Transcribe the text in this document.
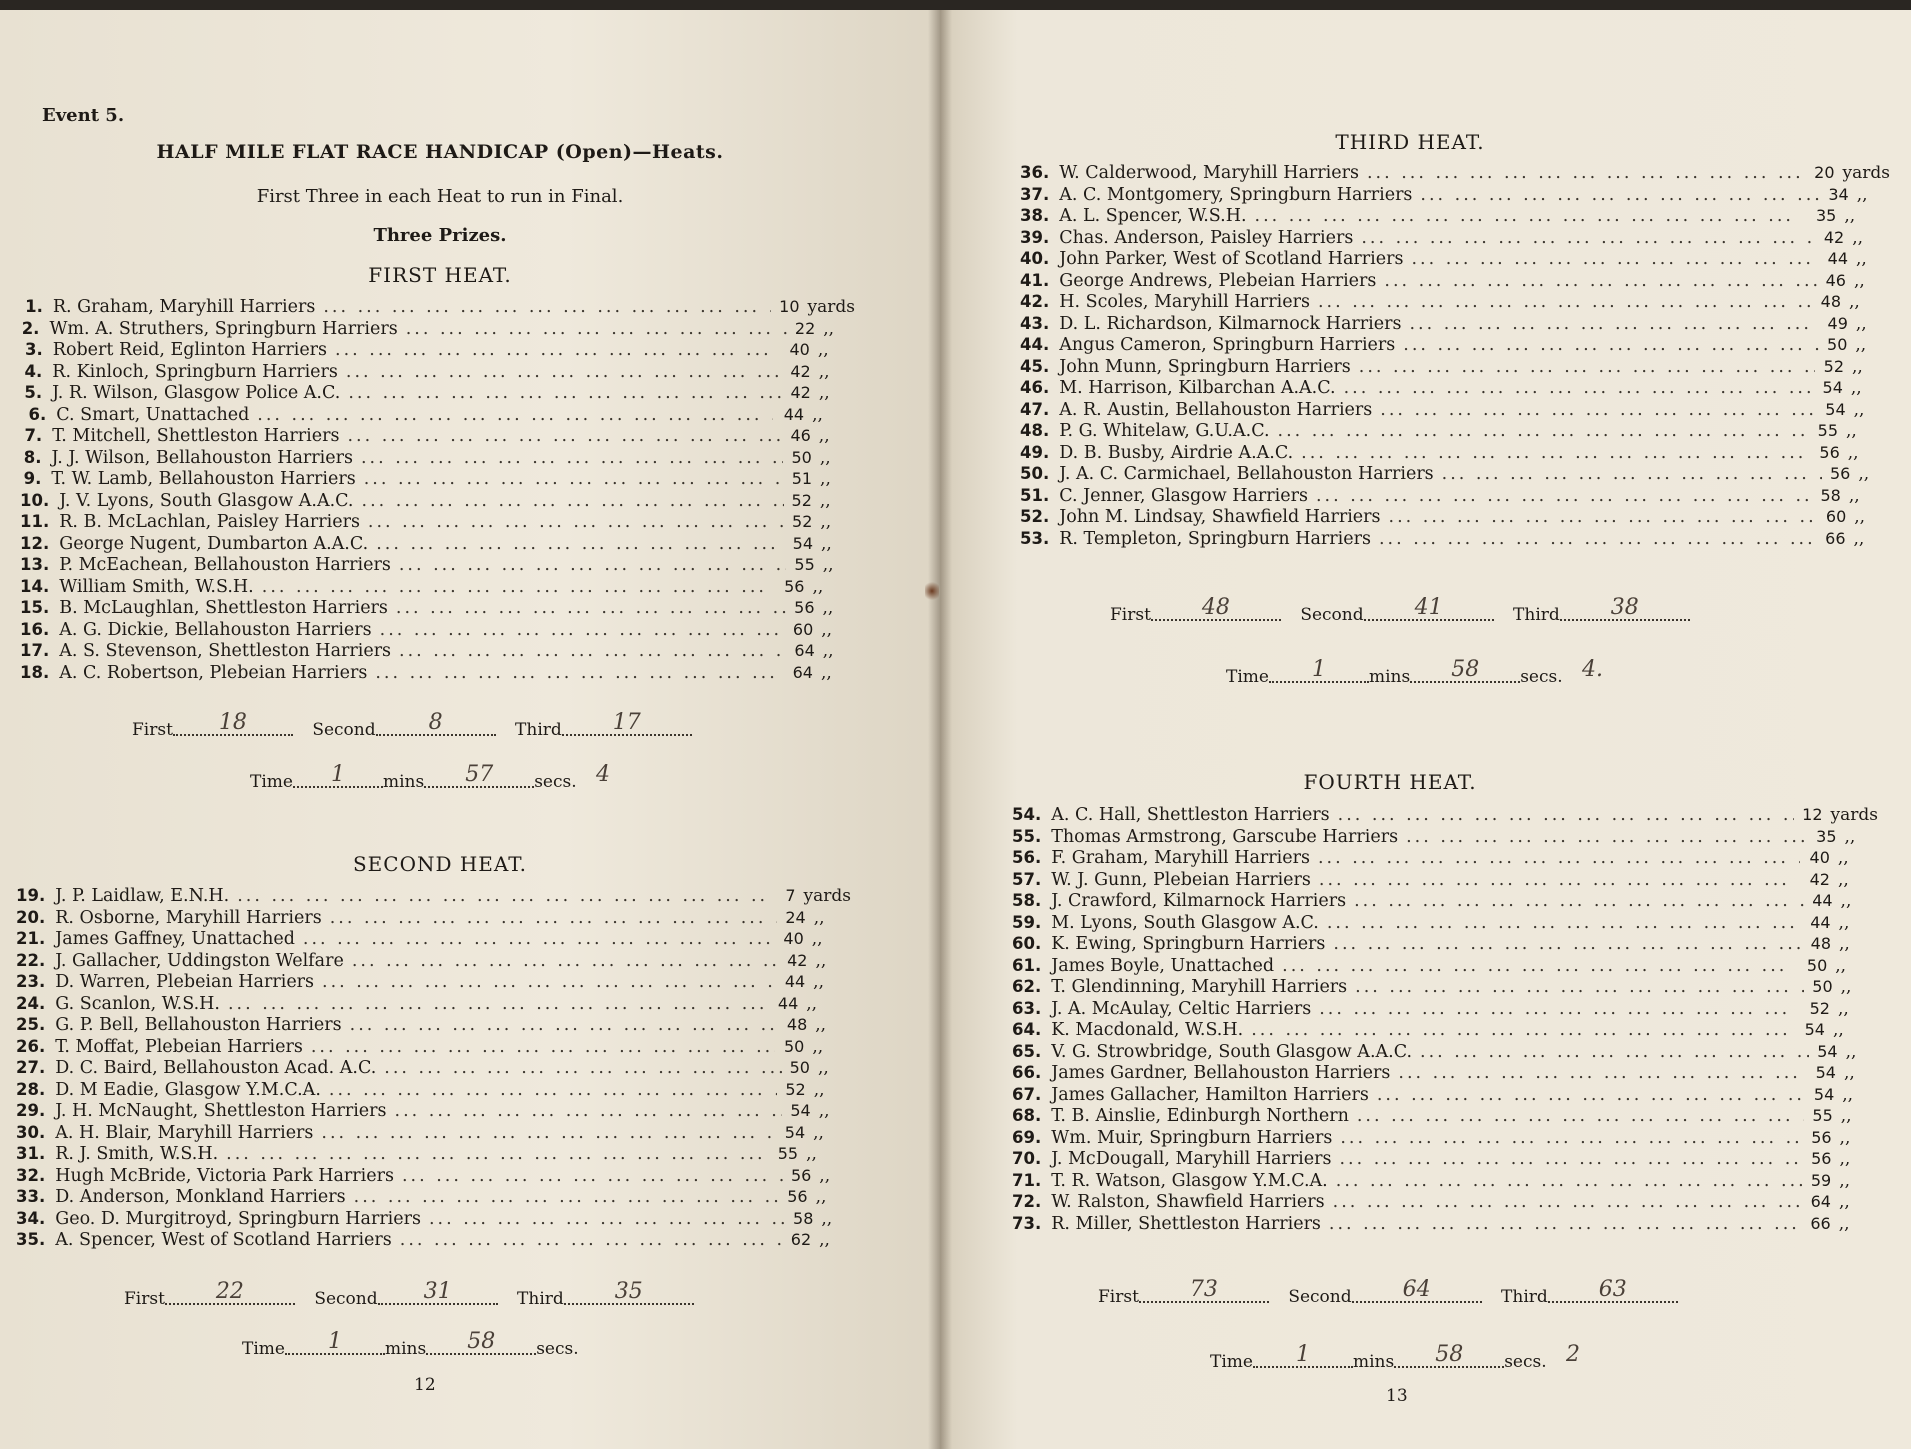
Event 5.
HALF MILE FLAT RACE HANDICAP (Open)—Heats.
First Three in each Heat to run in Final.
Three Prizes.
FIRST HEAT.
1. R. Graham, Maryhill Harriers ... .	10 yards
2. Wm. A. Struthers, Springburn Harriers ... .	22 ,,
3. Robert Reid, Eglinton Harriers ... .	40 ,,
4. R. Kinloch, Springburn Harriers ... .	42 ,,
5. J. R. Wilson, Glasgow Police A.C. ... .	42 ,,
6. C. Smart, Unattached ... .	44 ,,
7. T. Mitchell, Shettleston Harriers ... .	46 ,,
8. J. J. Wilson, Bellahouston Harriers ... .	50 ,,
9. T. W. Lamb, Bellahouston Harriers ... .	51 ,,
10. J. V. Lyons, South Glasgow A.A.C. ... .	52 ,,
11. R. B. McLachlan, Paisley Harriers ... .	52 ,,
12. George Nugent, Dumbarton A.A.C. ... .	54 ,,
13. P. McEachean, Bellahouston Harriers ... .	55 ,,
14. William Smith, W.S.H. ... .	56 ,,
15. B. McLaughlan, Shettleston Harriers ... .	56 ,,
16. A. G. Dickie, Bellahouston Harriers ... .	60 ,,
17. A. S. Stevenson, Shettleston Harriers ... .	64 ,,
18. A. C. Robertson, Plebeian Harriers ... .	64 ,,
First 18	Second 8	Third 17
Time 1 mins 57 secs. 4
SECOND HEAT.
19. J. P. Laidlaw, E.N.H. ... .	7 yards
20. R. Osborne, Maryhill Harriers ... .	24 ,,
21. James Gaffney, Unattached ... .	40 ,,
22. J. Gallacher, Uddingston Welfare ... .	42 ,,
23. D. Warren, Plebeian Harriers ... .	44 ,,
24. G. Scanlon, W.S.H. ... .	44 ,,
25. G. P. Bell, Bellahouston Harriers ... .	48 ,,
26. T. Moffat, Plebeian Harriers ... .	50 ,,
27. D. C. Baird, Bellahouston Acad. A.C. ... .	50 ,,
28. D. M Eadie, Glasgow Y.M.C.A. ... .	52 ,,
29. J. H. McNaught, Shettleston Harriers ... .	54 ,,
30. A. H. Blair, Maryhill Harriers ... .	54 ,,
31. R. J. Smith, W.S.H. ... .	55 ,,
32. Hugh McBride, Victoria Park Harriers ... .	56 ,,
33. D. Anderson, Monkland Harriers ... .	56 ,,
34. Geo. D. Murgitroyd, Springburn Harriers ... .	58 ,,
35. A. Spencer, West of Scotland Harriers ... .	62 ,,
First 22	Second 31	Third 35
Time 1	mins 58 secs.
12
THIRD HEAT.
36. W. Calderwood, Maryhill Harriers ... .	20 yards
37. A. C. Montgomery, Springburn Harriers ... .	34 ,,
38. A. L. Spencer, W.S.H. ... .	35 ,,
39. Chas. Anderson, Paisley Harriers ... .	42 ,,
40. John Parker, West of Scotland Harriers ... .	44 ,,
41. George Andrews, Plebeian Harriers ... .	46 ,,
42. H. Scoles, Maryhill Harriers ... .	48 ,,
43. D. L. Richardson, Kilmarnock Harriers ... .	49 ,,
44. Angus Cameron, Springburn Harriers ... .	50 ,,
45. John Munn, Springburn Harriers ... .	52 ,,
46. M. Harrison, Kilbarchan A.A.C. ... .	54 ,,
47. A. R. Austin, Bellahouston Harriers ... .	54 ,,
48. P. G. Whitelaw, G.U.A.C. ... .	55 ,,
49. D. B. Busby, Airdrie A.A.C. ... .	56 ,,
50. J. A. C. Carmichael, Bellahouston Harriers ... .	56 ,,
51. C. Jenner, Glasgow Harriers ... .	58 ,,
52. John M. Lindsay, Shawfield Harriers ... .	60 ,,
53. R. Templeton, Springburn Harriers ... .	66 ,,
First 48	Second 41	Third 38
Time 1	mins 58 secs. 4.
FOURTH HEAT.
54. A. C. Hall, Shettleston Harriers ... .	12 yards
55. Thomas Armstrong, Garscube Harriers ... .	35 ,,
56. F. Graham, Maryhill Harriers ... .	40 ,,
57. W. J. Gunn, Plebeian Harriers ... .	42 ,,
58. J. Crawford, Kilmarnock Harriers ... .	44 ,,
59. M. Lyons, South Glasgow A.C. ... .	44 ,,
60. K. Ewing, Springburn Harriers ... .	48 ,,
61. James Boyle, Unattached ... .	50 ,,
62. T. Glendinning, Maryhill Harriers ... .	50 ,,
63. J. A. McAulay, Celtic Harriers ... .	52 ,,
64. K. Macdonald, W.S.H. ... .	54 ,,
65. V. G. Strowbridge, South Glasgow A.A.C. ... .	54 ,,
66. James Gardner, Bellahouston Harriers ... .	54 ,,
67. James Gallacher, Hamilton Harriers ... .	54 ,,
68. T. B. Ainslie, Edinburgh Northern ... .	55 ,,
69. Wm. Muir, Springburn Harriers ... .	56 ,,
70. J. McDougall, Maryhill Harriers ... .	56 ,,
71. T. R. Watson, Glasgow Y.M.C.A. ... .	59 ,,
72. W. Ralston, Shawfield Harriers ... .	64 ,,
73. R. Miller, Shettleston Harriers ... .	66 ,,
First 73	Second 64	Third 63
Time 1	mins 58 secs. 2
13
